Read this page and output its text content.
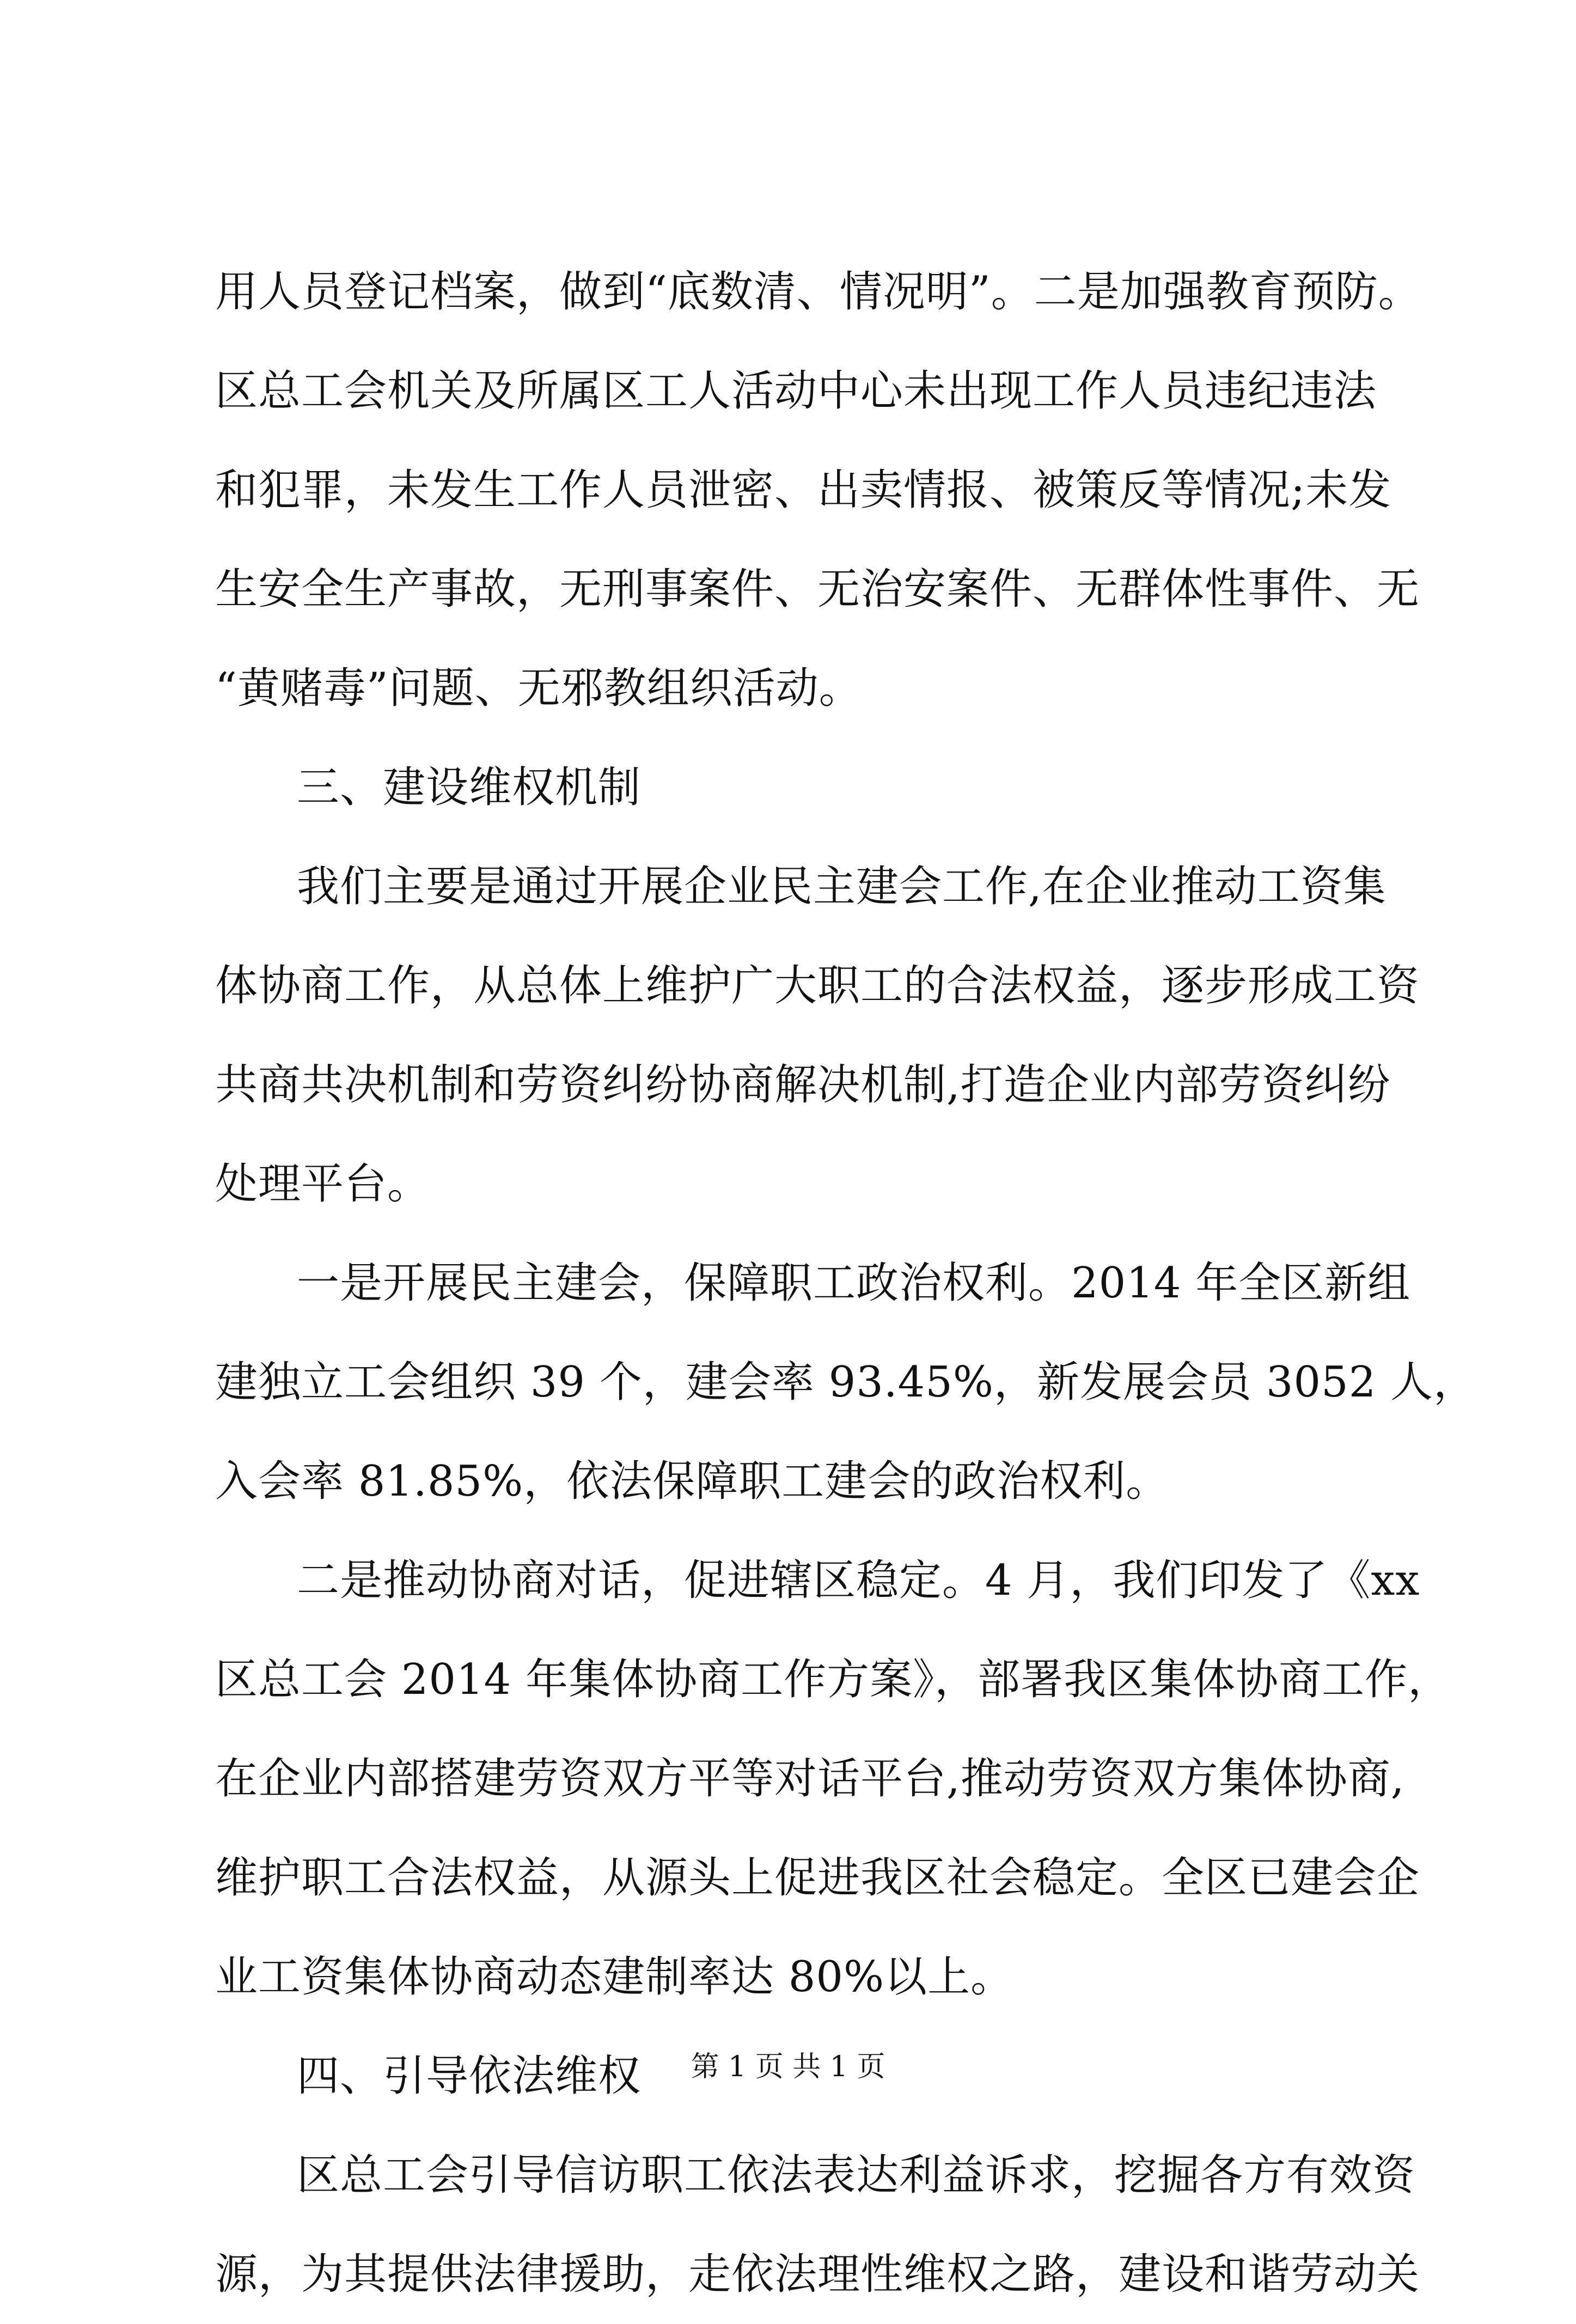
用人员登记档案，做到“底数清、情况明”。二是加强教育预防。
区总工会机关及所属区工人活动中心未出现工作人员违纪违法
和犯罪，未发生工作人员泄密、出卖情报、被策反等情况;未发
生安全生产事故，无刑事案件、无治安案件、无群体性事件、无
“黄赌毒”问题、无邪教组织活动。
三、建设维权机制
我们主要是通过开展企业民主建会工作,在企业推动工资集
体协商工作，从总体上维护广大职工的合法权益，逐步形成工资
共商共决机制和劳资纠纷协商解决机制,打造企业内部劳资纠纷
处理平台。
一是开展民主建会，保障职工政治权利。2014 年全区新组
建独立工会组织 39 个，建会率 93.45%，新发展会员 3052 人，
入会率 81.85%，依法保障职工建会的政治权利。
二是推动协商对话，促进辖区稳定。4 月，我们印发了《xx
区总工会 2014 年集体协商工作方案》，部署我区集体协商工作，
在企业内部搭建劳资双方平等对话平台,推动劳资双方集体协商,
维护职工合法权益，从源头上促进我区社会稳定。全区已建会企
业工资集体协商动态建制率达 80%以上。
四、引导依法维权
区总工会引导信访职工依法表达利益诉求，挖掘各方有效资
源，为其提供法律援助，走依法理性维权之路，建设和谐劳动关
第 1 页 共 1 页
